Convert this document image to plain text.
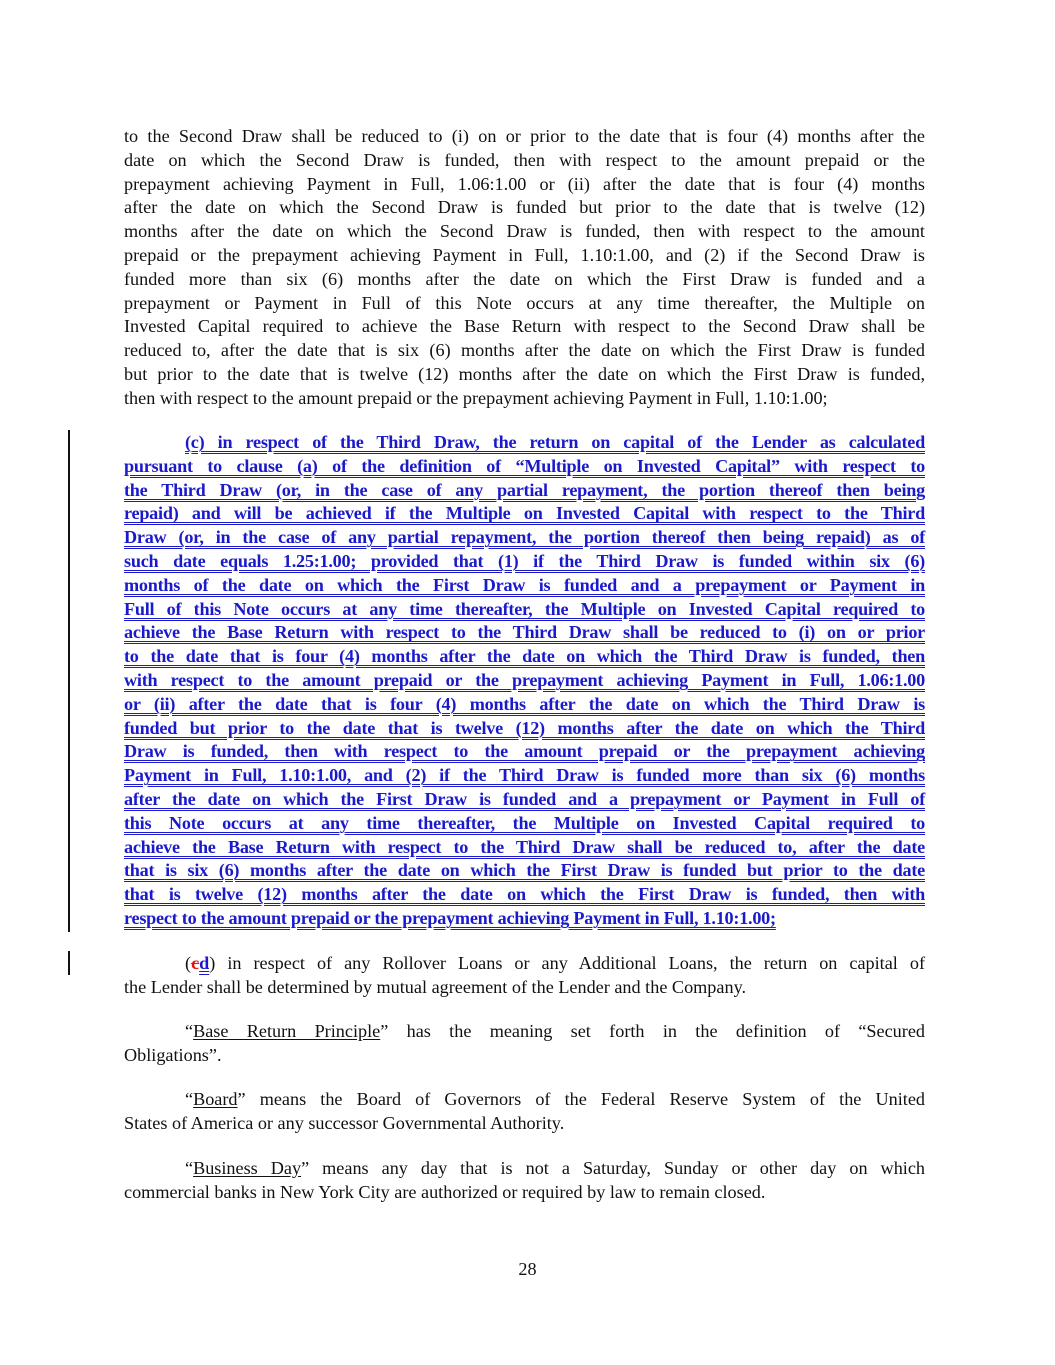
to the Second Draw shall be reduced to (i) on or prior to the date that is four (4) months after the
date on which the Second Draw is funded, then with respect to the amount prepaid or the
prepayment achieving Payment in Full, 1.06:1.00 or (ii) after the date that is four (4) months
after the date on which the Second Draw is funded but prior to the date that is twelve (12)
months after the date on which the Second Draw is funded, then with respect to the amount
prepaid or the prepayment achieving Payment in Full, 1.10:1.00, and (2) if the Second Draw is
funded more than six (6) months after the date on which the First Draw is funded and a
prepayment or Payment in Full of this Note occurs at any time thereafter, the Multiple on
Invested Capital required to achieve the Base Return with respect to the Second Draw shall be
reduced to, after the date that is six (6) months after the date on which the First Draw is funded
but prior to the date that is twelve (12) months after the date on which the First Draw is funded,
then with respect to the amount prepaid or the prepayment achieving Payment in Full, 1.10:1.00;
(c) in respect of the Third Draw, the return on capital of the Lender as calculated
pursuant to clause (a) of the definition of “Multiple on Invested Capital” with respect to
the Third Draw (or, in the case of any partial repayment, the portion thereof then being
repaid) and will be achieved if the Multiple on Invested Capital with respect to the Third
Draw (or, in the case of any partial repayment, the portion thereof then being repaid) as of
such date equals 1.25:1.00; provided that (1) if the Third Draw is funded within six (6)
months of the date on which the First Draw is funded and a prepayment or Payment in
Full of this Note occurs at any time thereafter, the Multiple on Invested Capital required to
achieve the Base Return with respect to the Third Draw shall be reduced to (i) on or prior
to the date that is four (4) months after the date on which the Third Draw is funded, then
with respect to the amount prepaid or the prepayment achieving Payment in Full, 1.06:1.00
or (ii) after the date that is four (4) months after the date on which the Third Draw is
funded but prior to the date that is twelve (12) months after the date on which the Third
Draw is funded, then with respect to the amount prepaid or the prepayment achieving
Payment in Full, 1.10:1.00, and (2) if the Third Draw is funded more than six (6) months
after the date on which the First Draw is funded and a prepayment or Payment in Full of
this Note occurs at any time thereafter, the Multiple on Invested Capital required to
achieve the Base Return with respect to the Third Draw shall be reduced to, after the date
that is six (6) months after the date on which the First Draw is funded but prior to the date
that is twelve (12) months after the date on which the First Draw is funded, then with
respect to the amount prepaid or the prepayment achieving Payment in Full, 1.10:1.00;
(cd) in respect of any Rollover Loans or any Additional Loans, the return on capital of
the Lender shall be determined by mutual agreement of the Lender and the Company.
“Base Return Principle” has the meaning set forth in the definition of “Secured
Obligations”.
“Board” means the Board of Governors of the Federal Reserve System of the United
States of America or any successor Governmental Authority.
“Business Day” means any day that is not a Saturday, Sunday or other day on which
commercial banks in New York City are authorized or required by law to remain closed.
28
